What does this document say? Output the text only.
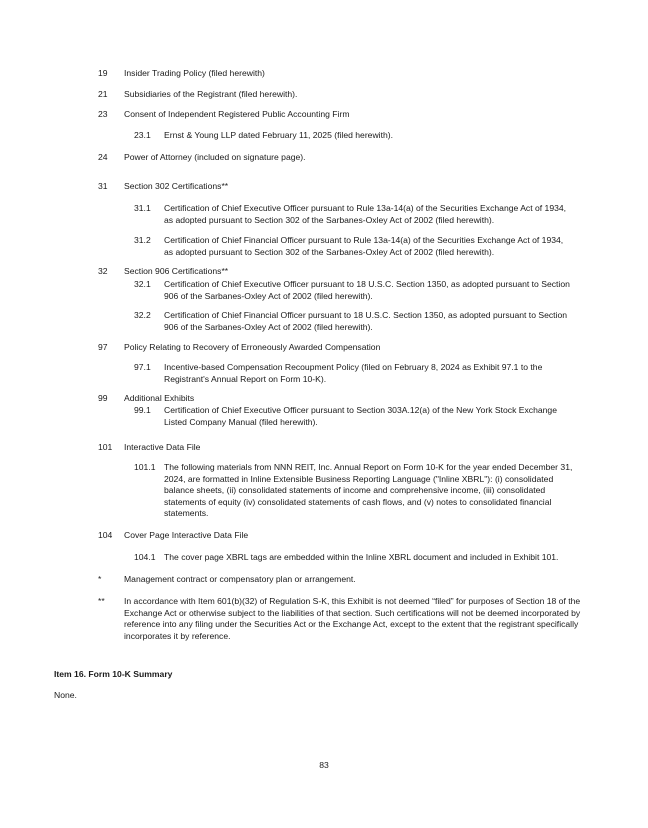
19 Insider Trading Policy (filed herewith)
21 Subsidiaries of the Registrant (filed herewith).
23 Consent of Independent Registered Public Accounting Firm
23.1 Ernst & Young LLP dated February 11, 2025 (filed herewith).
24 Power of Attorney (included on signature page).
31 Section 302 Certifications**
31.1 Certification of Chief Executive Officer pursuant to Rule 13a-14(a) of the Securities Exchange Act of 1934, as adopted pursuant to Section 302 of the Sarbanes-Oxley Act of 2002 (filed herewith).
31.2 Certification of Chief Financial Officer pursuant to Rule 13a-14(a) of the Securities Exchange Act of 1934, as adopted pursuant to Section 302 of the Sarbanes-Oxley Act of 2002 (filed herewith).
32 Section 906 Certifications**
32.1 Certification of Chief Executive Officer pursuant to 18 U.S.C. Section 1350, as adopted pursuant to Section 906 of the Sarbanes-Oxley Act of 2002 (filed herewith).
32.2 Certification of Chief Financial Officer pursuant to 18 U.S.C. Section 1350, as adopted pursuant to Section 906 of the Sarbanes-Oxley Act of 2002 (filed herewith).
97 Policy Relating to Recovery of Erroneously Awarded Compensation
97.1 Incentive-based Compensation Recoupment Policy (filed on February 8, 2024 as Exhibit 97.1 to the Registrant's Annual Report on Form 10-K).
99 Additional Exhibits
99.1 Certification of Chief Executive Officer pursuant to Section 303A.12(a) of the New York Stock Exchange Listed Company Manual (filed herewith).
101 Interactive Data File
101.1 The following materials from NNN REIT, Inc. Annual Report on Form 10-K for the year ended December 31, 2024, are formatted in Inline Extensible Business Reporting Language ("Inline XBRL"): (i) consolidated balance sheets, (ii) consolidated statements of income and comprehensive income, (iii) consolidated statements of equity (iv) consolidated statements of cash flows, and (v) notes to consolidated financial statements.
104 Cover Page Interactive Data File
104.1 The cover page XBRL tags are embedded within the Inline XBRL document and included in Exhibit 101.
*	Management contract or compensatory plan or arrangement.
** In accordance with Item 601(b)(32) of Regulation S-K, this Exhibit is not deemed “filed” for purposes of Section 18 of the Exchange Act or otherwise subject to the liabilities of that section. Such certifications will not be deemed incorporated by reference into any filing under the Securities Act or the Exchange Act, except to the extent that the registrant specifically incorporates it by reference.
Item 16. Form 10-K Summary
None.
83
